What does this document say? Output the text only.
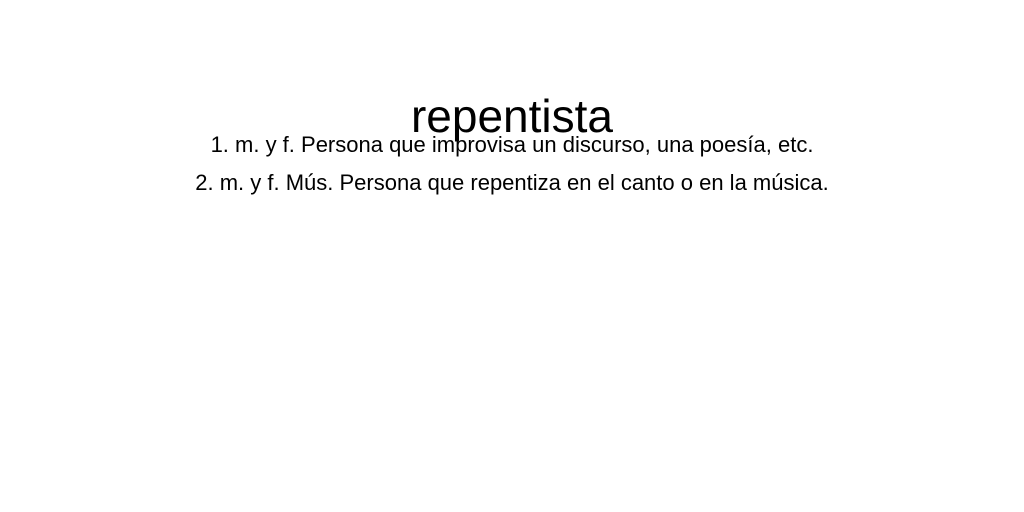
repentista
1. m. y f. Persona que improvisa un discurso, una poesía, etc.
2. m. y f. Mús. Persona que repentiza en el canto o en la música.
